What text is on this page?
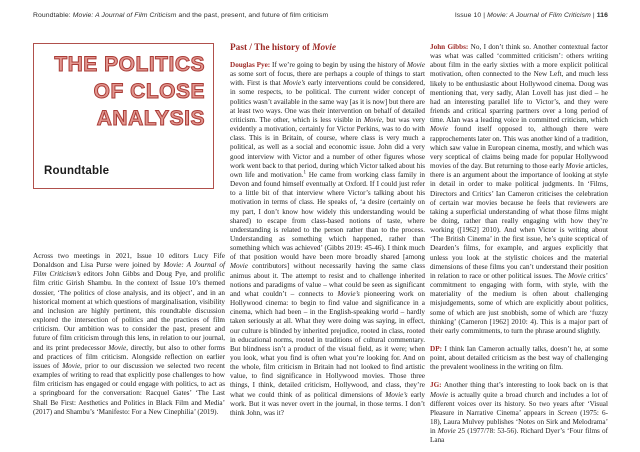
Roundtable: Movie: A Journal of Film Criticism and the past, present, and future of film criticism	Issue 10 | Movie: A Journal of Film Criticism | 116
THE POLITICS
OF CLOSE
ANALYSIS
Roundtable

Across two meetings in 2021, Issue 10 editors Lucy Fife Donaldson and Lisa Purse were joined by Movie: A Journal of Film Criticism’s editors John Gibbs and Doug Pye, and prolific film critic Girish Shambu. In the context of Issue 10’s themed dossier, ‘The politics of close analysis, and its object’, and in an historical moment at which questions of marginalisation, visibility and inclusion are highly pertinent, this roundtable discussion explored the intersection of politics and the practices of film criticism. Our ambition was to consider the past, present and future of film criticism through this lens, in relation to our journal, and its print predecessor Movie, directly, but also to other forms and practices of film criticism. Alongside reflection on earlier issues of Movie, prior to our discussion we selected two recent examples of writing to read that explicitly pose challenges to how film criticism has engaged or could engage with politics, to act as a springboard for the conversation: Racquel Gates’ ‘The Last Shall Be First: Aesthetics and Politics in Black Film and Media’ (2017) and Shambu’s ‘Manifesto: For a New Cinephilia’ (2019).

Past / The history of Movie

Douglas Pye: If we’re going to begin by using the history of Movie as some sort of focus, there are perhaps a couple of things to start with. First is that Movie’s early interventions could be considered, in some respects, to be political. The current wider concept of politics wasn’t available in the same way [as it is now] but there are at least two ways. One was their intervention on behalf of detailed criticism. The other, which is less visible in Movie, but was very evidently a motivation, certainly for Victor Perkins, was to do with class. This is in Britain, of course, where class is very much a political, as well as a social and economic issue. John did a very good interview with Victor and a number of other figures whose work went back to that period, during which Victor talked about his own life and motivation.$^1$ He came from working class family in Devon and found himself eventually at Oxford. If I could just refer to a little bit of that interview where Victor’s talking about his motivation in terms of class. He speaks of, ‘a desire (certainly on my part, I don’t know how widely this understanding would be shared) to escape from class-based notions of taste, where understanding is related to the person rather than to the process. Understanding as something which happened, rather than something which was achieved’ (Gibbs 2019: 45-46). I think much of that position would have been more broadly shared [among Movie contributors] without necessarily having the same class animus about it. The attempt to resist and to challenge inherited notions and paradigms of value – what could be seen as significant and what couldn’t – connects to Movie’s pioneering work on Hollywood cinema: to begin to find value and significance in a cinema, which had been – in the English-speaking world – hardly taken seriously at all. What they were doing was saying, in effect, our culture is blinded by inherited prejudice, rooted in class, rooted in educational norms, rooted in traditions of cultural commentary. But blindness isn’t a product of the visual field, as it were; when you look, what you find is often what you’re looking for. And on the whole, film criticism in Britain had not looked to find artistic value, to find significance in Hollywood movies. Those three things, I think, detailed criticism, Hollywood, and class, they’re what we could think of as political dimensions of Movie’s early work. But it was never overt in the journal, in those terms. I don’t think John, was it?

John Gibbs: No, I don’t think so. Another contextual factor was what was called ‘committed criticism’: others writing about film in the early sixties with a more explicit political motivation, often connected to the New Left, and much less likely to be enthusiastic about Hollywood cinema. Doug was mentioning that, very sadly, Alan Lovell has just died – he had an interesting parallel life to Victor’s, and they were friends and critical sparring partners over a long period of time. Alan was a leading voice in committed criticism, which Movie found itself opposed to, although there were rapprochements later on. This was another kind of a tradition, which saw value in European cinema, mostly, and which was very sceptical of claims being made for popular Hollywood movies of the day. But returning to those early Movie articles, there is an argument about the importance of looking at style in detail in order to make political judgments. In ‘Films, Directors and Critics’ Ian Cameron criticises the celebration of certain war movies because he feels that reviewers are taking a superficial understanding of what those films might be doing, rather than really engaging with how they’re working ([1962] 2010). And when Victor is writing about ‘The British Cinema’ in the first issue, he’s quite sceptical of Dearden’s films, for example, and argues explicitly that unless you look at the stylistic choices and the material dimensions of these films you can’t understand their position in relation to race or other political issues. The Movie critics’ commitment to engaging with form, with style, with the materiality of the medium is often about challenging misjudgements, some of which are explicitly about politics, some of which are just snobbish, some of which are ‘fuzzy thinking’ (Cameron [1962] 2010: 4). This is a major part of their early commitments, to turn the phrase around slightly.

DP: I think Ian Cameron actually talks, doesn’t he, at some point, about detailed criticism as the best way of challenging the prevalent wooliness in the writing on film.

JG: Another thing that’s interesting to look back on is that Movie is actually quite a broad church and includes a lot of different voices over its history. So two years after ‘Visual Pleasure in Narrative Cinema’ appears in Screen (1975: 6-18), Laura Mulvey publishes ‘Notes on Sirk and Melodrama’ in Movie 25 (1977/78: 53-56). Richard Dyer’s ‘Four films of Lana
